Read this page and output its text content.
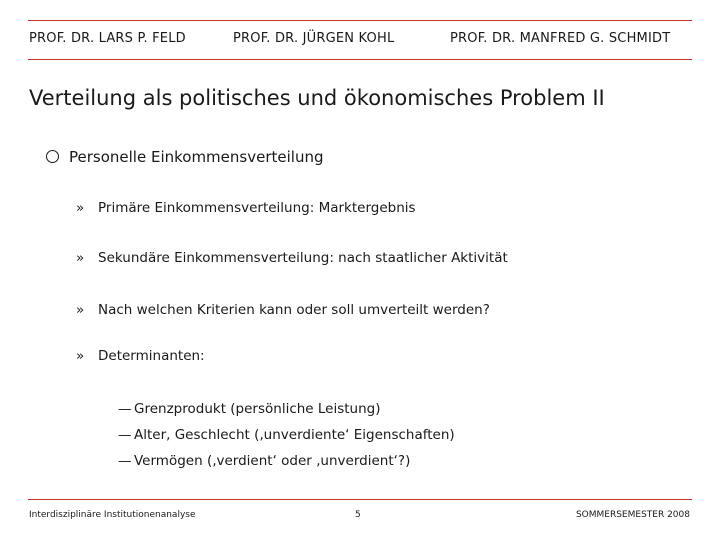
PROF. DR. LARS P. FELD	PROF. DR. JÜRGEN KOHL	PROF. DR. MANFRED G. SCHMIDT
Verteilung als politisches und ökonomisches Problem II
Personelle Einkommensverteilung
» Primäre Einkommensverteilung: Marktergebnis
» Sekundäre Einkommensverteilung: nach staatlicher Aktivität
» Nach welchen Kriterien kann oder soll umverteilt werden?
» Determinanten:
— Grenzprodukt (persönliche Leistung)
— Alter, Geschlecht (‚unverdiente‘ Eigenschaften)
— Vermögen (‚verdient‘ oder ‚unverdient‘?)
Interdisziplinäre Institutionenanalyse	5	SOMMERSEMESTER 2008
